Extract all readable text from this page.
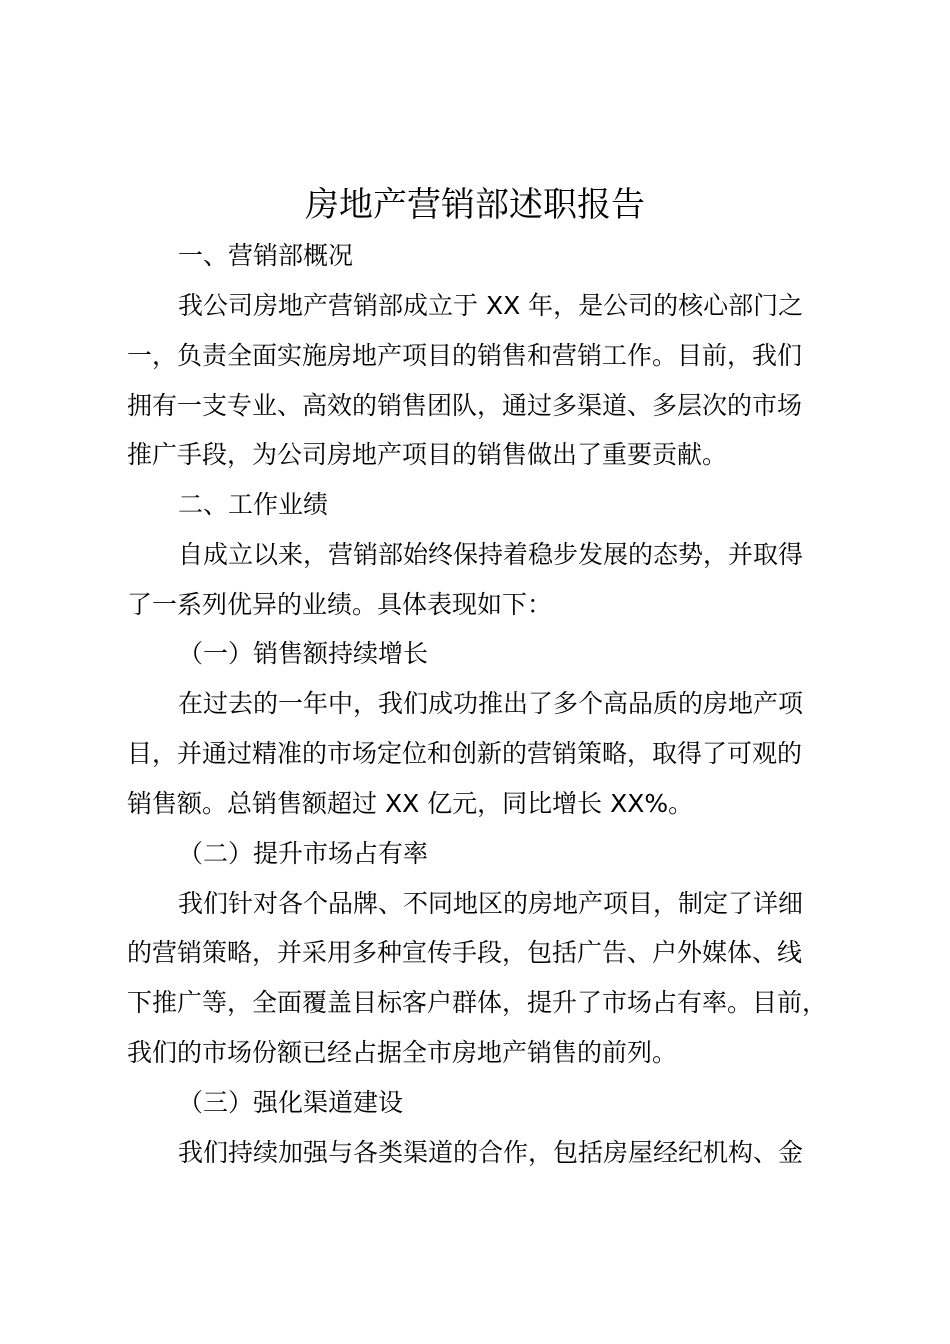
房地产营销部述职报告
一、营销部概况
我公司房地产营销部成立于 XX 年，是公司的核心部门之
一，负责全面实施房地产项目的销售和营销工作。目前，我们
拥有一支专业、高效的销售团队，通过多渠道、多层次的市场
推广手段，为公司房地产项目的销售做出了重要贡献。
二、工作业绩
自成立以来，营销部始终保持着稳步发展的态势，并取得
了一系列优异的业绩。具体表现如下：
（一）销售额持续增长
在过去的一年中，我们成功推出了多个高品质的房地产项
目，并通过精准的市场定位和创新的营销策略，取得了可观的
销售额。总销售额超过 XX 亿元，同比增长 XX%。
（二）提升市场占有率
我们针对各个品牌、不同地区的房地产项目，制定了详细
的营销策略，并采用多种宣传手段，包括广告、户外媒体、线
下推广等，全面覆盖目标客户群体，提升了市场占有率。目前，
我们的市场份额已经占据全市房地产销售的前列。
（三）强化渠道建设
我们持续加强与各类渠道的合作，包括房屋经纪机构、金
